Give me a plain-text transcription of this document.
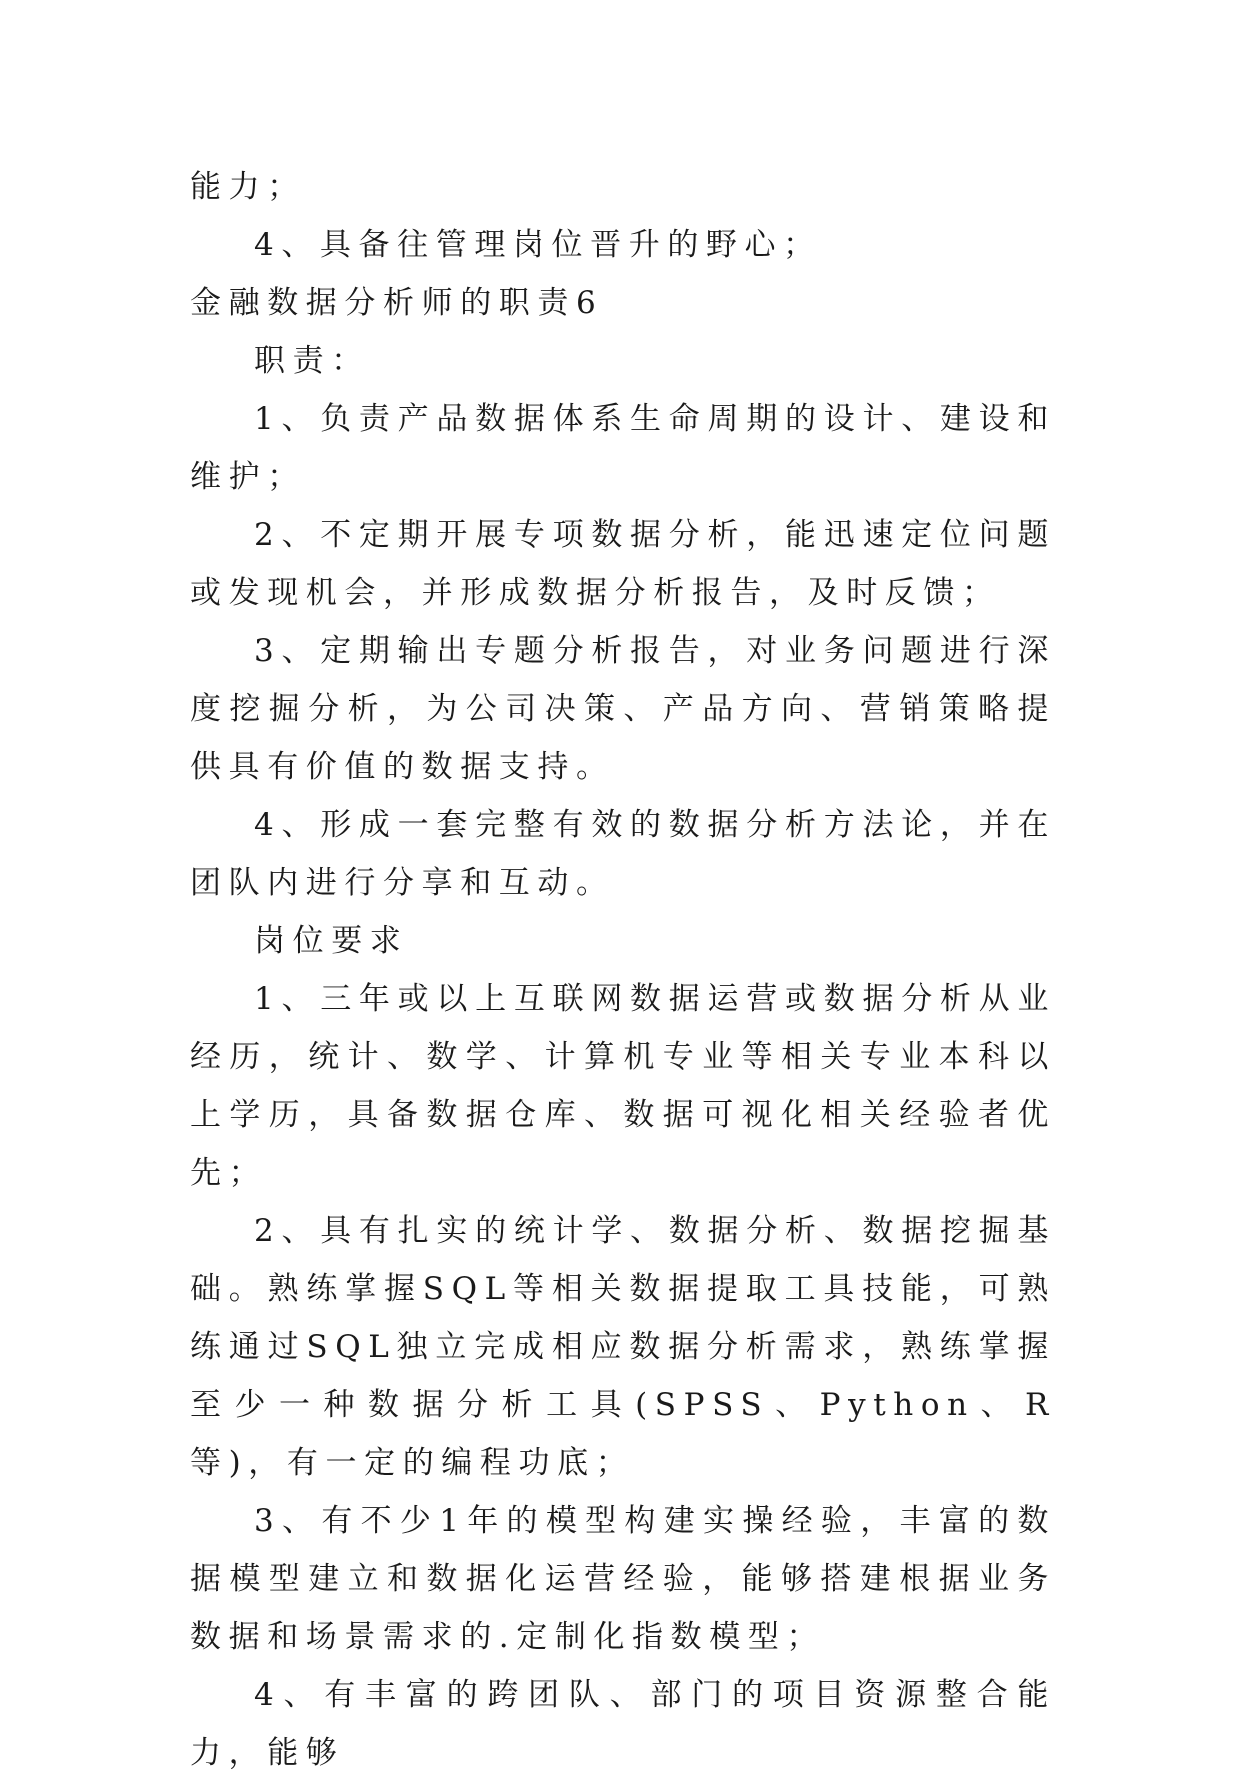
能力；

4、具备往管理岗位晋升的野心；

金融数据分析师的职责6

职责：

1、负责产品数据体系生命周期的设计、建设和维护；

2、不定期开展专项数据分析，能迅速定位问题或发现机会，并形成数据分析报告，及时反馈；

3、定期输出专题分析报告，对业务问题进行深度挖掘分析，为公司决策、产品方向、营销策略提供具有价值的数据支持。

4、形成一套完整有效的数据分析方法论，并在团队内进行分享和互动。

岗位要求

1、三年或以上互联网数据运营或数据分析从业经历，统计、数学、计算机专业等相关专业本科以上学历，具备数据仓库、数据可视化相关经验者优先；

2、具有扎实的统计学、数据分析、数据挖掘基础。熟练掌握SQL等相关数据提取工具技能，可熟练通过SQL独立完成相应数据分析需求，熟练掌握至少一种数据分析工具(SPSS、Python、R等)，有一定的编程功底；

3、有不少1年的模型构建实操经验，丰富的数据模型建立和数据化运营经验，能够搭建根据业务数据和场景需求的.定制化指数模型；

4、有丰富的跨团队、部门的项目资源整合能力，能够
